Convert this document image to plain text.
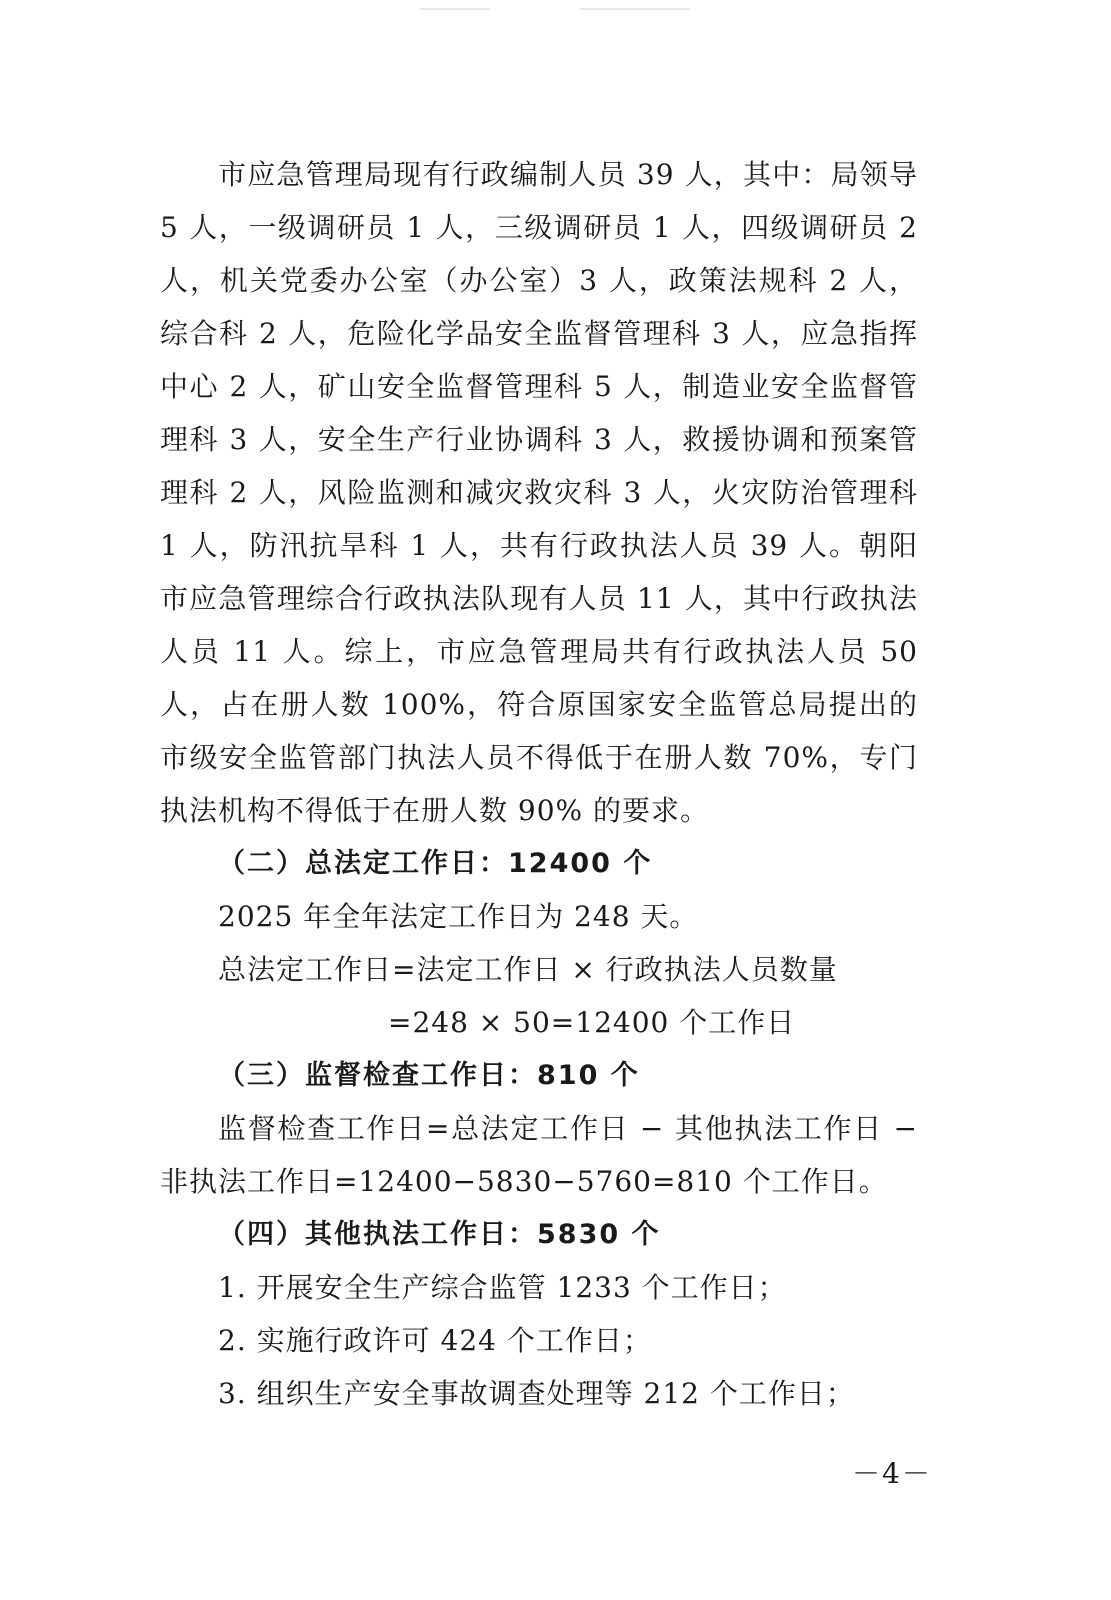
市应急管理局现有行政编制人员 39 人，其中：局领导 5 人，一级调研员 1 人，三级调研员 1 人，四级调研员 2 人，机关党委办公室（办公室）3 人，政策法规科 2 人，综合科 2 人，危险化学品安全监督管理科 3 人，应急指挥中心 2 人，矿山安全监督管理科 5 人，制造业安全监督管理科 3 人，安全生产行业协调科 3 人，救援协调和预案管理科 2 人，风险监测和减灾救灾科 3 人，火灾防治管理科 1 人，防汛抗旱科 1 人，共有行政执法人员 39 人。朝阳市应急管理综合行政执法队现有人员 11 人，其中行政执法人员 11 人。综上，市应急管理局共有行政执法人员 50 人，占在册人数 100%，符合原国家安全监管总局提出的市级安全监管部门执法人员不得低于在册人数 70%，专门执法机构不得低于在册人数 90% 的要求。

（二）总法定工作日：12400 个

2025 年全年法定工作日为 248 天。

总法定工作日=法定工作日 × 行政执法人员数量

=248 × 50=12400 个工作日

（三）监督检查工作日：810 个

监督检查工作日=总法定工作日 − 其他执法工作日 − 非执法工作日=12400−5830−5760=810 个工作日。

（四）其他执法工作日：5830 个

1. 开展安全生产综合监管 1233 个工作日；

2. 实施行政许可 424 个工作日；

3. 组织生产安全事故调查处理等 212 个工作日；

－4－
